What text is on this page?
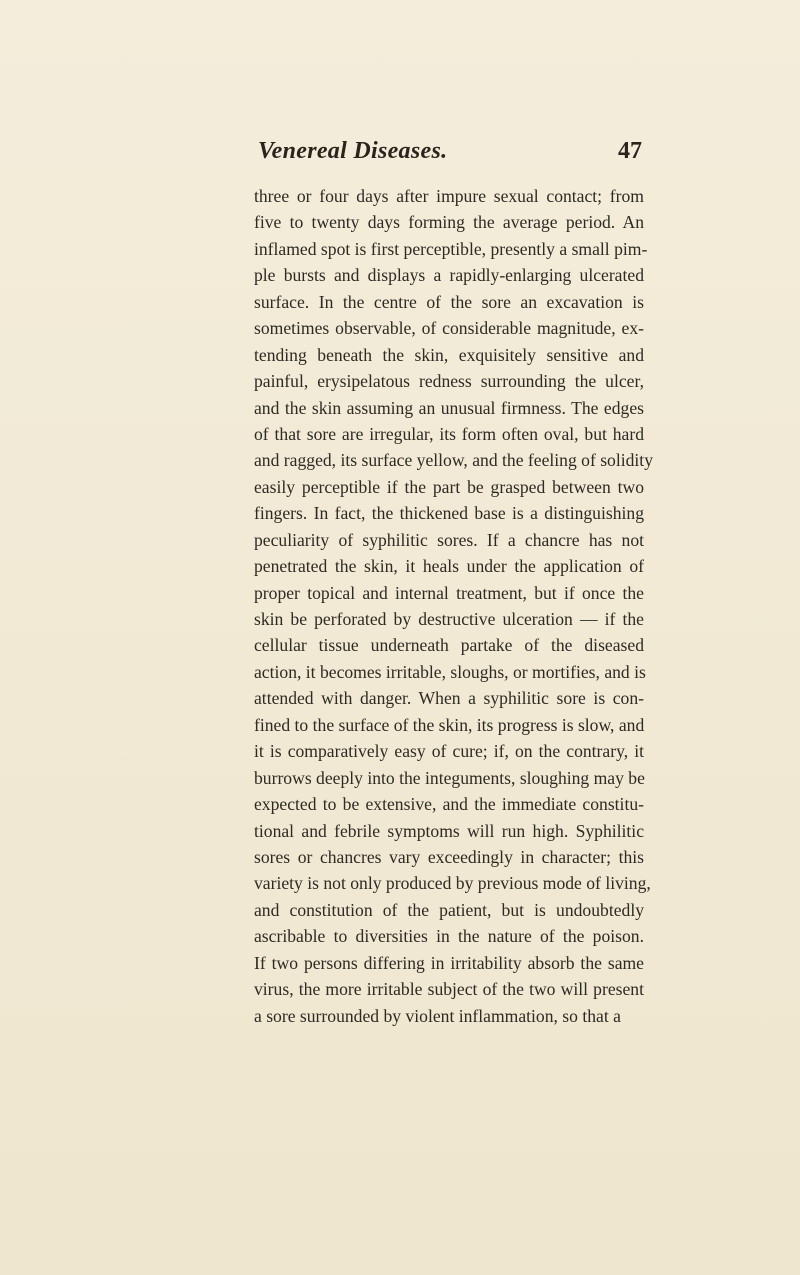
Venereal Diseases.	47
three or four days after impure sexual contact; from
five to twenty days forming the average period. An
inflamed spot is first perceptible, presently a small pim-
ple bursts and displays a rapidly-enlarging ulcerated
surface. In the centre of the sore an excavation is
sometimes observable, of considerable magnitude, ex-
tending beneath the skin, exquisitely sensitive and
painful, erysipelatous redness surrounding the ulcer,
and the skin assuming an unusual firmness. The edges
of that sore are irregular, its form often oval, but hard
and ragged, its surface yellow, and the feeling of solidity
easily perceptible if the part be grasped between two
fingers. In fact, the thickened base is a distinguishing
peculiarity of syphilitic sores. If a chancre has not
penetrated the skin, it heals under the application of
proper topical and internal treatment, but if once the
skin be perforated by destructive ulceration — if the
cellular tissue underneath partake of the diseased
action, it becomes irritable, sloughs, or mortifies, and is
attended with danger. When a syphilitic sore is con-
fined to the surface of the skin, its progress is slow, and
it is comparatively easy of cure; if, on the contrary, it
burrows deeply into the integuments, sloughing may be
expected to be extensive, and the immediate constitu-
tional and febrile symptoms will run high. Syphilitic
sores or chancres vary exceedingly in character; this
variety is not only produced by previous mode of living,
and constitution of the patient, but is undoubtedly
ascribable to diversities in the nature of the poison.
If two persons differing in irritability absorb the same
virus, the more irritable subject of the two will present
a sore surrounded by violent inflammation, so that a
